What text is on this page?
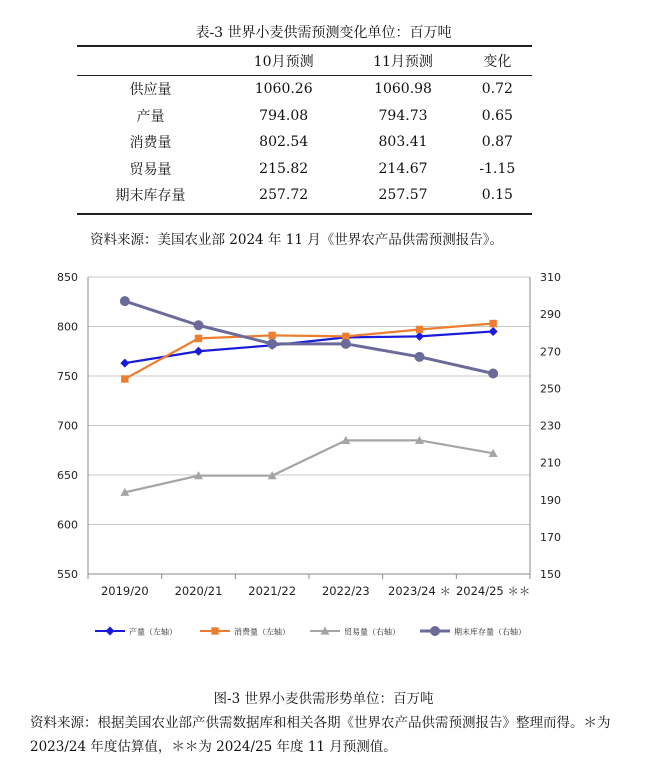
表-3 世界小麦供需预测变化单位：百万吨
	10月预测	11月预测	变化
供应量	1060.26	1060.98	0.72
产量	794.08	794.73	0.65
消费量	802.54	803.41	0.87
贸易量	215.82	214.67	-1.15
期末库存量	257.72	257.57	0.15
资料来源：美国农业部 2024 年 11 月《世界农产品供需预测报告》。
550
600
650
700
750
800
850
150
170
190
210
230
250
270
290
310
2019/20 2020/21 2021/22 2022/23 2023/24 ＊ 2024/25 ＊＊
产量（左轴）	消费量（左轴）	贸易量（右轴）	期末库存量（右轴）
图-3 世界小麦供需形势单位：百万吨
资料来源：根据美国农业部产供需数据库和相关各期《世界农产品供需预测报告》整理而得。＊为 2023/24 年度估算值，＊＊为 2024/25 年度 11 月预测值。
